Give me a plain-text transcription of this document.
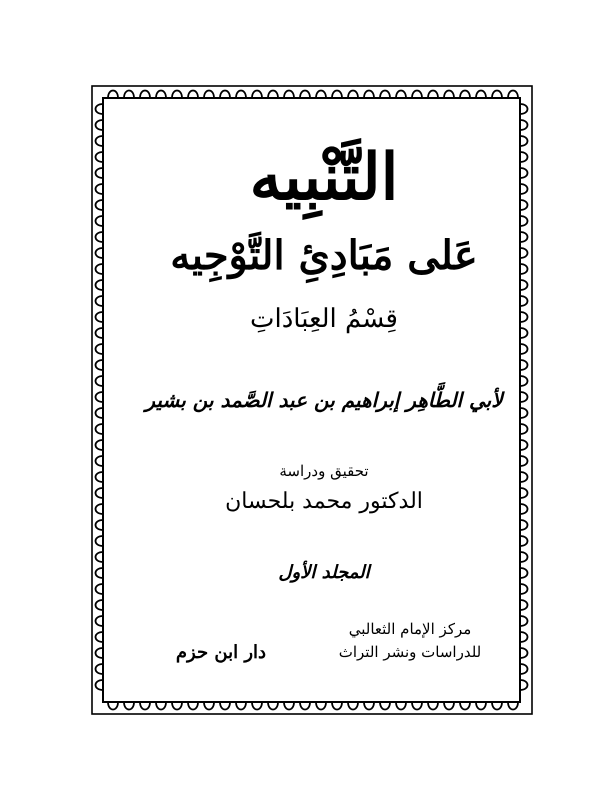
التَّنْبِيه
عَلى مَبَادِئِ التَّوْجِيه
قِسْمُ العِبَادَاتِ
لأبي الطَّاهِر إبراهيم بن عبد الصَّمد بن بشير
تحقيق ودراسة
الدكتور محمد بلحسان
المجلد الأول
مركز الإمام الثعالبي
للدراسات ونشر التراث
دار ابن حزم
